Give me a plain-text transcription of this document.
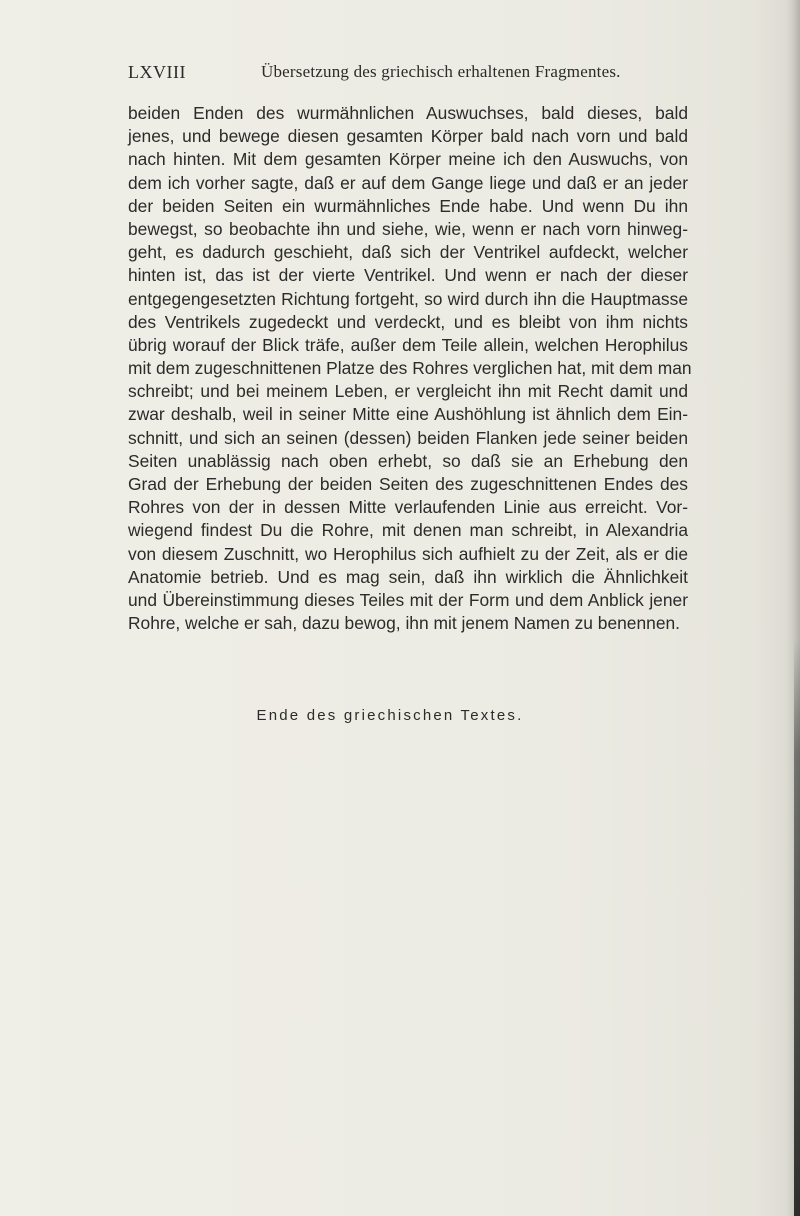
LXVIII	Übersetzung des griechisch erhaltenen Fragmentes.
beiden Enden des wurmähnlichen Auswuchses, bald dieses, bald
jenes, und bewege diesen gesamten Körper bald nach vorn und bald
nach hinten. Mit dem gesamten Körper meine ich den Auswuchs, von
dem ich vorher sagte, daß er auf dem Gange liege und daß er an jeder
der beiden Seiten ein wurmähnliches Ende habe. Und wenn Du ihn
bewegst, so beobachte ihn und siehe, wie, wenn er nach vorn hinweg-
geht, es dadurch geschieht, daß sich der Ventrikel aufdeckt, welcher
hinten ist, das ist der vierte Ventrikel. Und wenn er nach der dieser
entgegengesetzten Richtung fortgeht, so wird durch ihn die Hauptmasse
des Ventrikels zugedeckt und verdeckt, und es bleibt von ihm nichts
übrig worauf der Blick träfe, außer dem Teile allein, welchen Herophilus
mit dem zugeschnittenen Platze des Rohres verglichen hat, mit dem man
schreibt; und bei meinem Leben, er vergleicht ihn mit Recht damit und
zwar deshalb, weil in seiner Mitte eine Aushöhlung ist ähnlich dem Ein-
schnitt, und sich an seinen (dessen) beiden Flanken jede seiner beiden
Seiten unablässig nach oben erhebt, so daß sie an Erhebung den
Grad der Erhebung der beiden Seiten des zugeschnittenen Endes des
Rohres von der in dessen Mitte verlaufenden Linie aus erreicht. Vor-
wiegend findest Du die Rohre, mit denen man schreibt, in Alexandria
von diesem Zuschnitt, wo Herophilus sich aufhielt zu der Zeit, als er die
Anatomie betrieb. Und es mag sein, daß ihn wirklich die Ähnlichkeit
und Übereinstimmung dieses Teiles mit der Form und dem Anblick jener
Rohre, welche er sah, dazu bewog, ihn mit jenem Namen zu benennen.
Ende des griechischen Textes.
